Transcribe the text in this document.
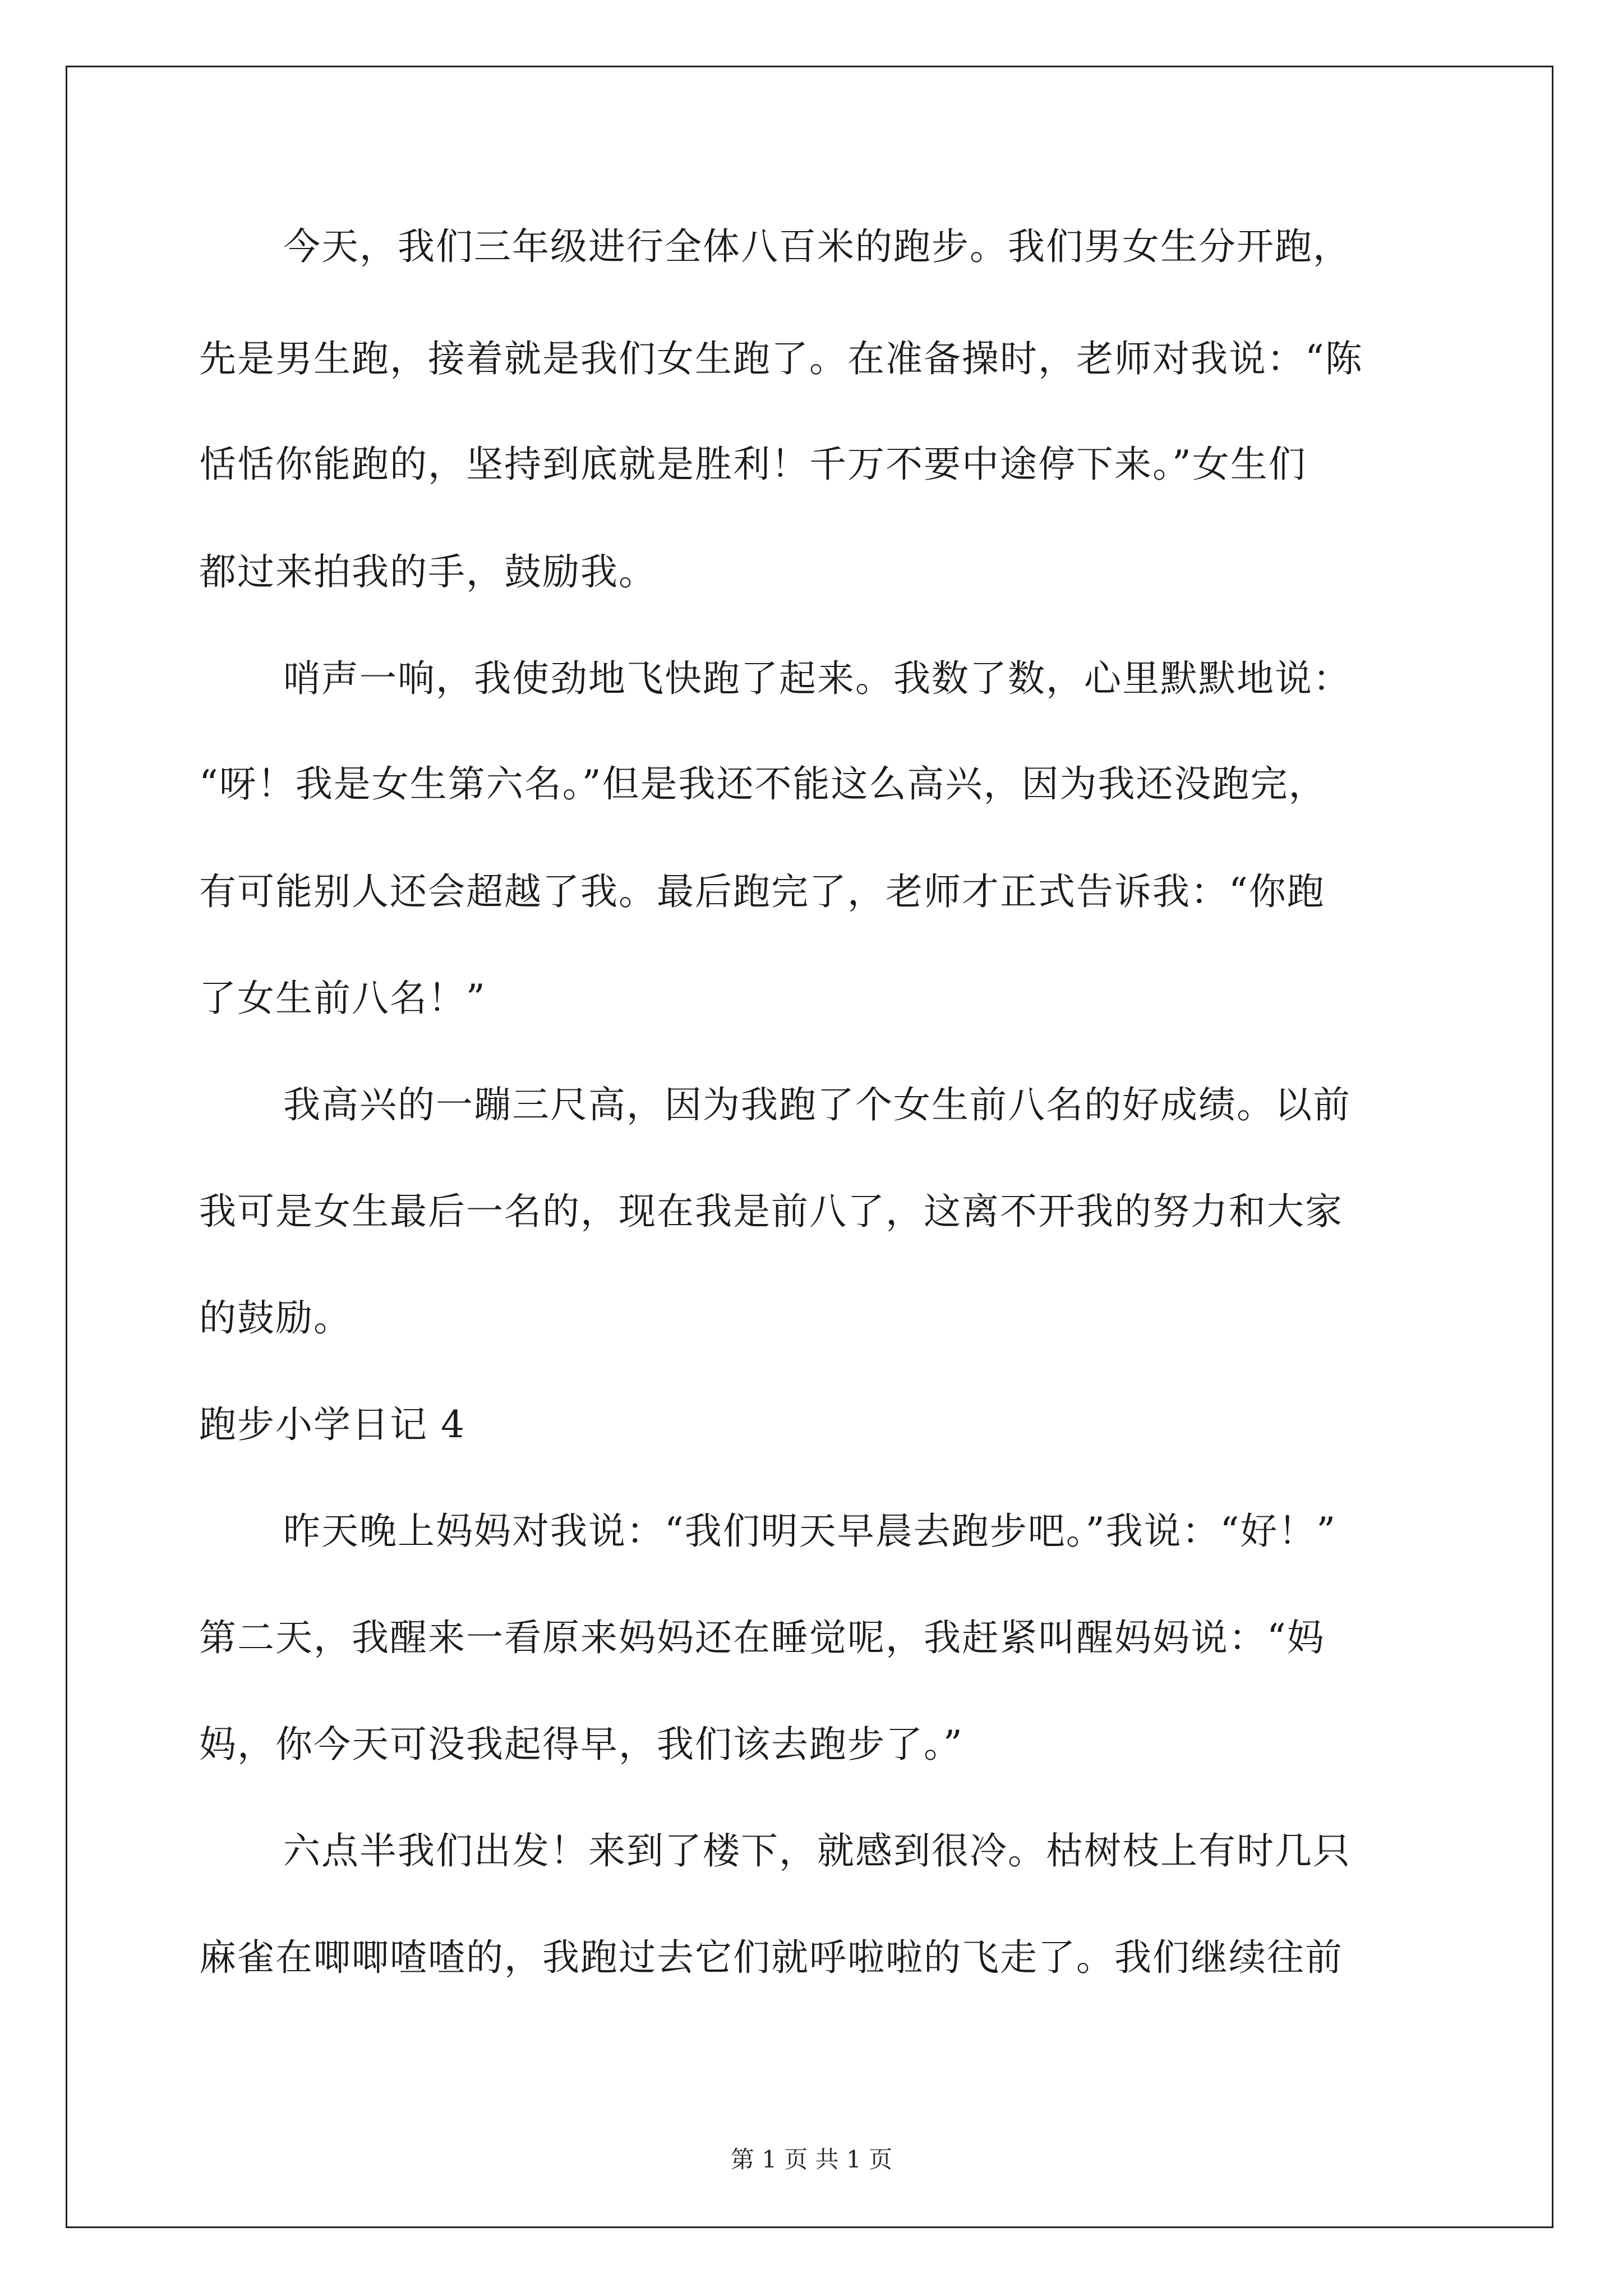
今天，我们三年级进行全体八百米的跑步。我们男女生分开跑，
先是男生跑，接着就是我们女生跑了。在准备操时，老师对我说：“陈
恬恬你能跑的，坚持到底就是胜利！千万不要中途停下来。”女生们
都过来拍我的手，鼓励我。
哨声一响，我使劲地飞快跑了起来。我数了数，心里默默地说：
“呀！我是女生第六名。”但是我还不能这么高兴，因为我还没跑完，
有可能别人还会超越了我。最后跑完了，老师才正式告诉我：“你跑
了女生前八名！”
我高兴的一蹦三尺高，因为我跑了个女生前八名的好成绩。以前
我可是女生最后一名的，现在我是前八了，这离不开我的努力和大家
的鼓励。
跑步小学日记 4
昨天晚上妈妈对我说：“我们明天早晨去跑步吧。”我说：“好！”
第二天，我醒来一看原来妈妈还在睡觉呢，我赶紧叫醒妈妈说：“妈
妈，你今天可没我起得早，我们该去跑步了。”
六点半我们出发！来到了楼下，就感到很冷。枯树枝上有时几只
麻雀在唧唧喳喳的，我跑过去它们就呼啦啦的飞走了。我们继续往前
第 1 页 共 1 页
